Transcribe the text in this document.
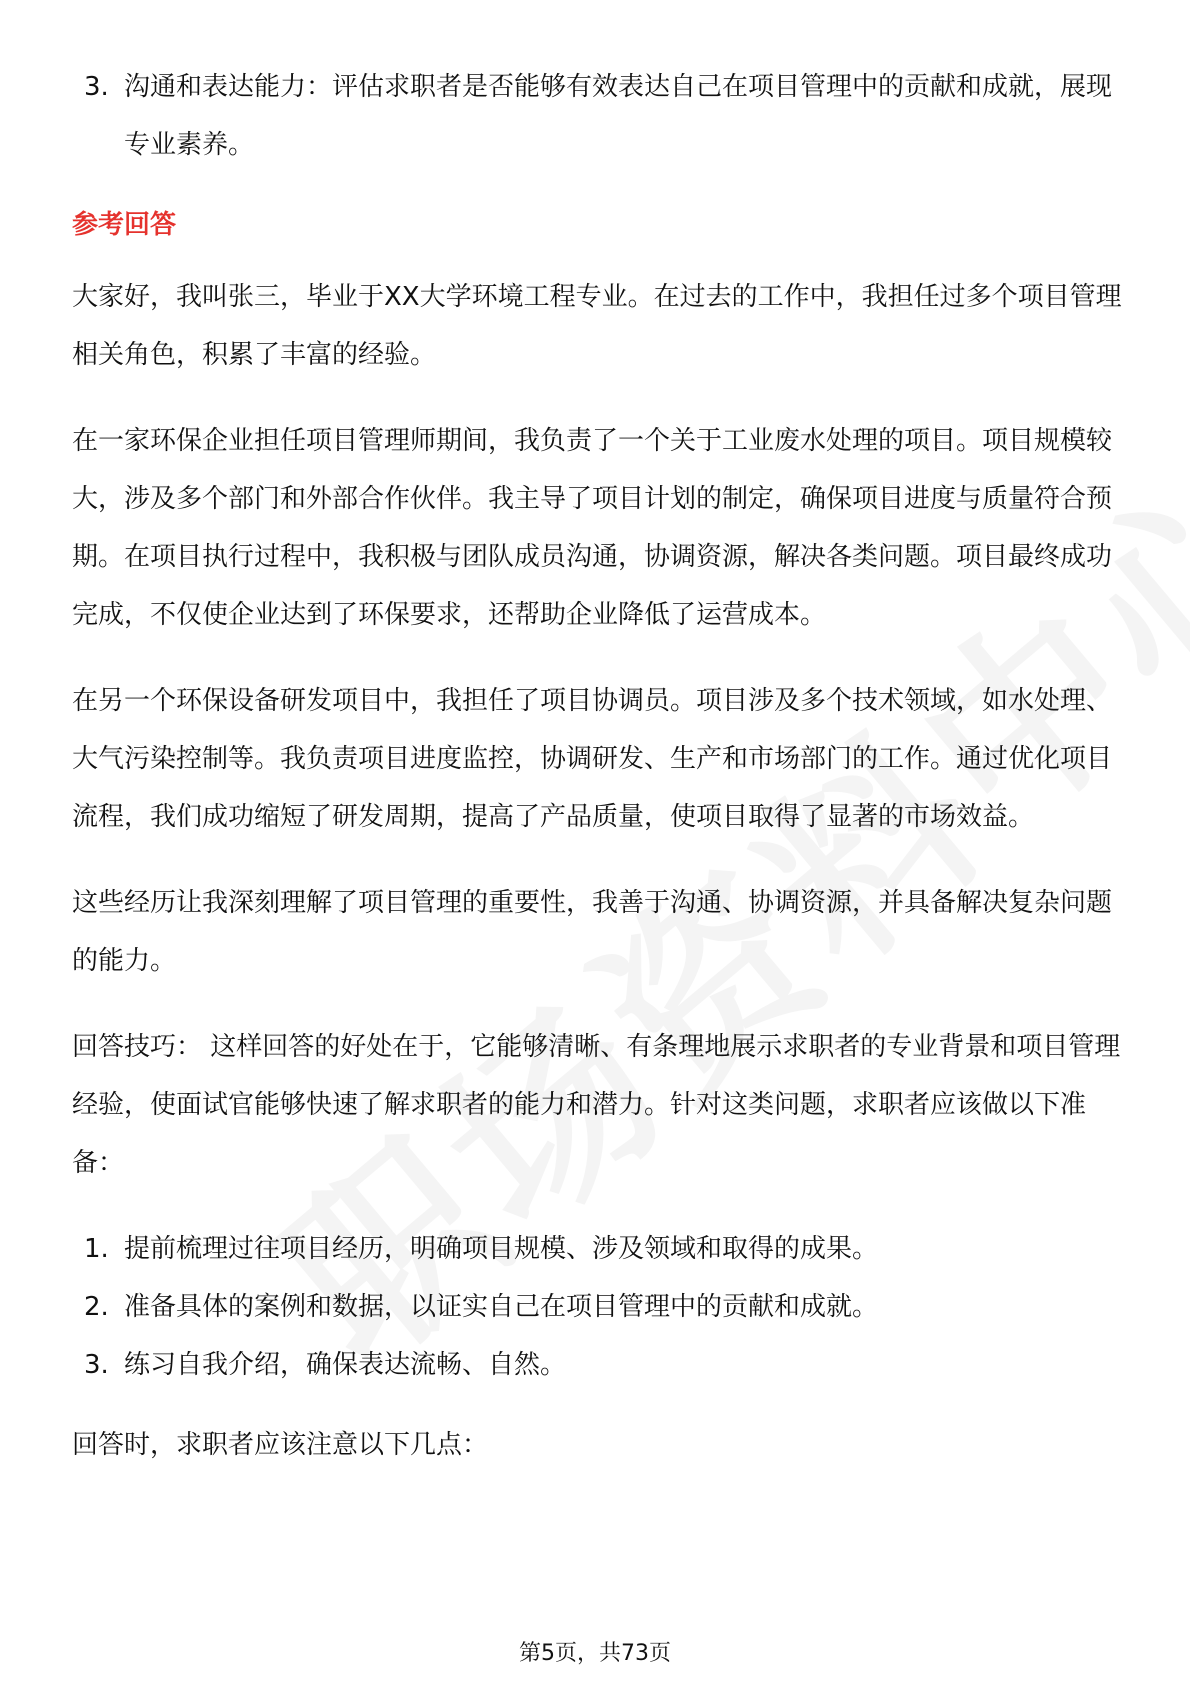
3. 沟通和表达能力：评估求职者是否能够有效表达自己在项目管理中的贡献和成就，展现专业素养。
参考回答

大家好，我叫张三，毕业于XX大学环境工程专业。在过去的工作中，我担任过多个项目管理相关角色，积累了丰富的经验。

在一家环保企业担任项目管理师期间，我负责了一个关于工业废水处理的项目。项目规模较大，涉及多个部门和外部合作伙伴。我主导了项目计划的制定，确保项目进度与质量符合预期。在项目执行过程中，我积极与团队成员沟通，协调资源，解决各类问题。项目最终成功完成，不仅使企业达到了环保要求，还帮助企业降低了运营成本。

在另一个环保设备研发项目中，我担任了项目协调员。项目涉及多个技术领域，如水处理、大气污染控制等。我负责项目进度监控，协调研发、生产和市场部门的工作。通过优化项目流程，我们成功缩短了研发周期，提高了产品质量，使项目取得了显著的市场效益。

这些经历让我深刻理解了项目管理的重要性，我善于沟通、协调资源，并具备解决复杂问题的能力。

回答技巧： 这样回答的好处在于，它能够清晰、有条理地展示求职者的专业背景和项目管理经验，使面试官能够快速了解求职者的能力和潜力。针对这类问题，求职者应该做以下准备：

1. 提前梳理过往项目经历，明确项目规模、涉及领域和取得的成果。
2. 准备具体的案例和数据，以证实自己在项目管理中的贡献和成就。
3. 练习自我介绍，确保表达流畅、自然。

回答时，求职者应该注意以下几点：

第5页，共73页
